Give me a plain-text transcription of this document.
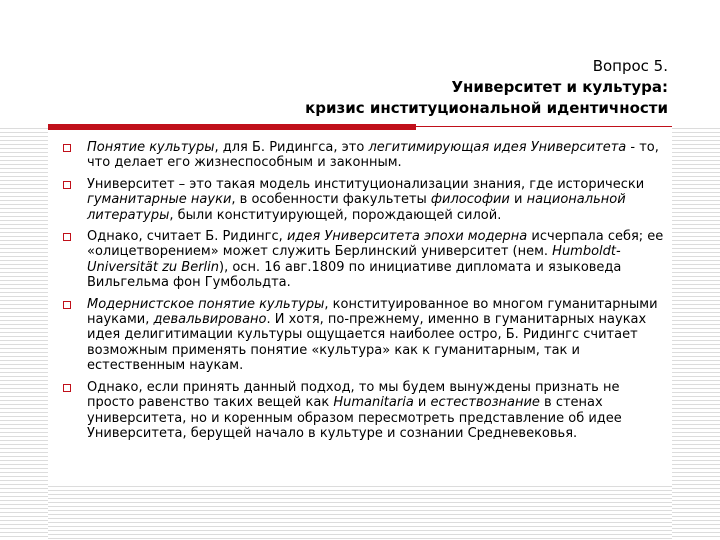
Вопрос 5.
Университет и культура:
кризис институциональной идентичности
Понятие культуры, для Б. Ридингса, это легитимирующая идея Университета - то, что делает его жизнеспособным и законным.
Университет – это такая модель институционализации знания, где исторически гуманитарные науки, в особенности факультеты философии и национальной литературы, были конституирующей, порождающей силой.
Однако, считает Б. Ридингс, идея Университета эпохи модерна исчерпала себя; ее «олицетворением» может служить Берлинский университет (нем. Humboldt-Universität zu Berlin), осн. 16 авг.1809 по инициативе дипломата и языковеда Вильгельма фон Гумбольдта.
Модернистское понятие культуры, конституированное во многом гуманитарными науками, девальвировано. И хотя, по-прежнему, именно в гуманитарных науках идея делигитимации культуры ощущается наиболее остро, Б. Ридингс считает возможным применять понятие «культура» как к гуманитарным, так и естественным наукам.
Однако, если принять данный подход, то мы будем вынуждены признать не просто равенство таких вещей как Humanitaria и естествознание в стенах университета, но и коренным образом пересмотреть представление об идее Университета, берущей начало в культуре и сознании Средневековья.
